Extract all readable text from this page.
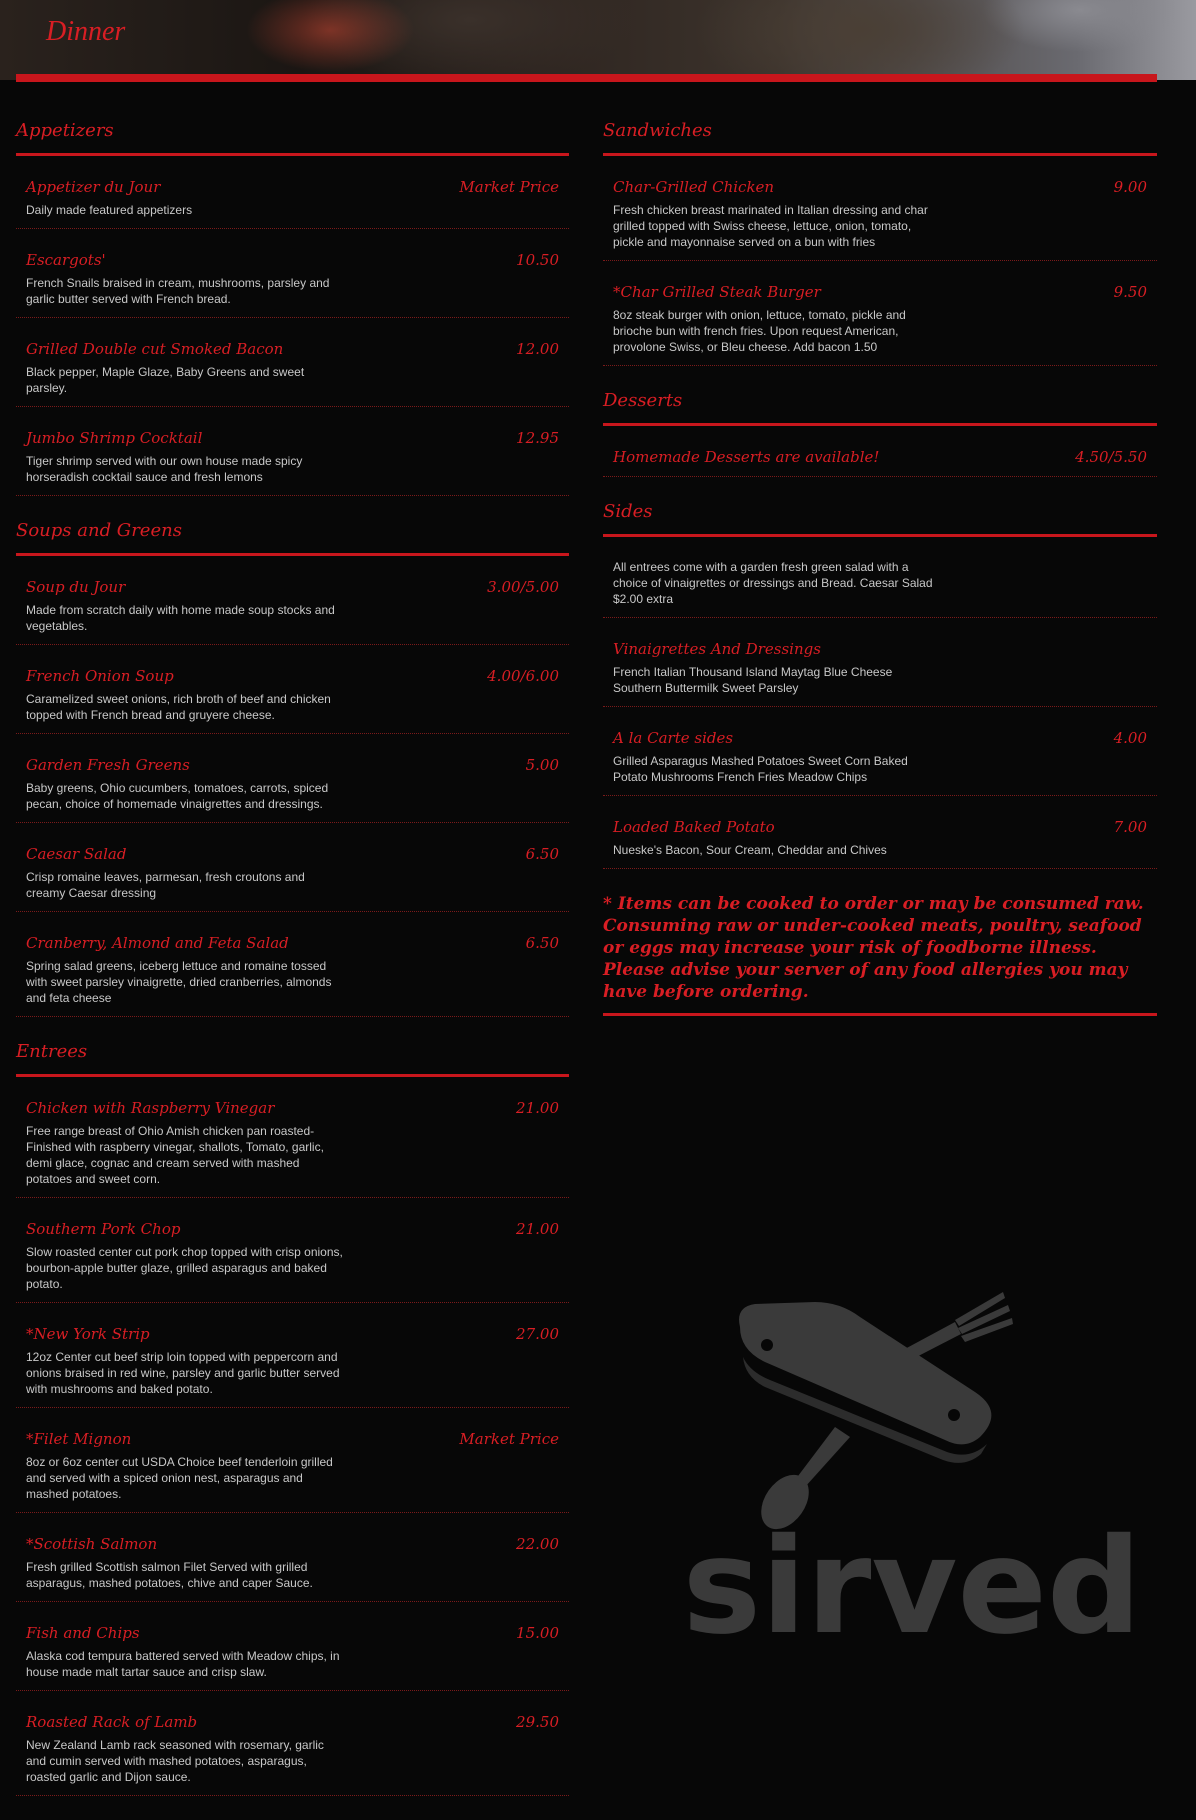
Dinner
Appetizers
Appetizer du Jour	Market Price
Daily made featured appetizers
Escargots'	10.50
French Snails braised in cream, mushrooms, parsley and garlic butter served with French bread.
Grilled Double cut Smoked Bacon	12.00
Black pepper, Maple Glaze, Baby Greens and sweet parsley.
Jumbo Shrimp Cocktail	12.95
Tiger shrimp served with our own house made spicy horseradish cocktail sauce and fresh lemons
Soups and Greens
Soup du Jour	3.00/5.00
Made from scratch daily with home made soup stocks and vegetables.
French Onion Soup	4.00/6.00
Caramelized sweet onions, rich broth of beef and chicken topped with French bread and gruyere cheese.
Garden Fresh Greens	5.00
Baby greens, Ohio cucumbers, tomatoes, carrots, spiced pecan, choice of homemade vinaigrettes and dressings.
Caesar Salad	6.50
Crisp romaine leaves, parmesan, fresh croutons and creamy Caesar dressing
Cranberry, Almond and Feta Salad	6.50
Spring salad greens, iceberg lettuce and romaine tossed with sweet parsley vinaigrette, dried cranberries, almonds and feta cheese
Entrees
Chicken with Raspberry Vinegar	21.00
Free range breast of Ohio Amish chicken pan roasted-Finished with raspberry vinegar, shallots, Tomato, garlic, demi glace, cognac and cream served with mashed potatoes and sweet corn.
Southern Pork Chop	21.00
Slow roasted center cut pork chop topped with crisp onions, bourbon-apple butter glaze, grilled asparagus and baked potato.
*New York Strip	27.00
12oz Center cut beef strip loin topped with peppercorn and onions braised in red wine, parsley and garlic butter served with mushrooms and baked potato.
*Filet Mignon	Market Price
8oz or 6oz center cut USDA Choice beef tenderloin grilled and served with a spiced onion nest, asparagus and mashed potatoes.
*Scottish Salmon	22.00
Fresh grilled Scottish salmon Filet Served with grilled asparagus, mashed potatoes, chive and caper Sauce.
Fish and Chips	15.00
Alaska cod tempura battered served with Meadow chips, in house made malt tartar sauce and crisp slaw.
Roasted Rack of Lamb	29.50
New Zealand Lamb rack seasoned with rosemary, garlic and cumin served with mashed potatoes, asparagus, roasted garlic and Dijon sauce.
Sandwiches
Char-Grilled Chicken	9.00
Fresh chicken breast marinated in Italian dressing and char grilled topped with Swiss cheese, lettuce, onion, tomato, pickle and mayonnaise served on a bun with fries
*Char Grilled Steak Burger	9.50
8oz steak burger with onion, lettuce, tomato, pickle and brioche bun with french fries. Upon request American, provolone Swiss, or Bleu cheese. Add bacon 1.50
Desserts
Homemade Desserts are available!	4.50/5.50
Sides
All entrees come with a garden fresh green salad with a choice of vinaigrettes or dressings and Bread. Caesar Salad $2.00 extra
Vinaigrettes And Dressings
French Italian Thousand Island Maytag Blue Cheese Southern Buttermilk Sweet Parsley
A la Carte sides	4.00
Grilled Asparagus Mashed Potatoes Sweet Corn Baked Potato Mushrooms French Fries Meadow Chips
Loaded Baked Potato	7.00
Nueske's Bacon, Sour Cream, Cheddar and Chives
* Items can be cooked to order or may be consumed raw. Consuming raw or under-cooked meats, poultry, seafood or eggs may increase your risk of foodborne illness. Please advise your server of any food allergies you may have before ordering.
sirved
